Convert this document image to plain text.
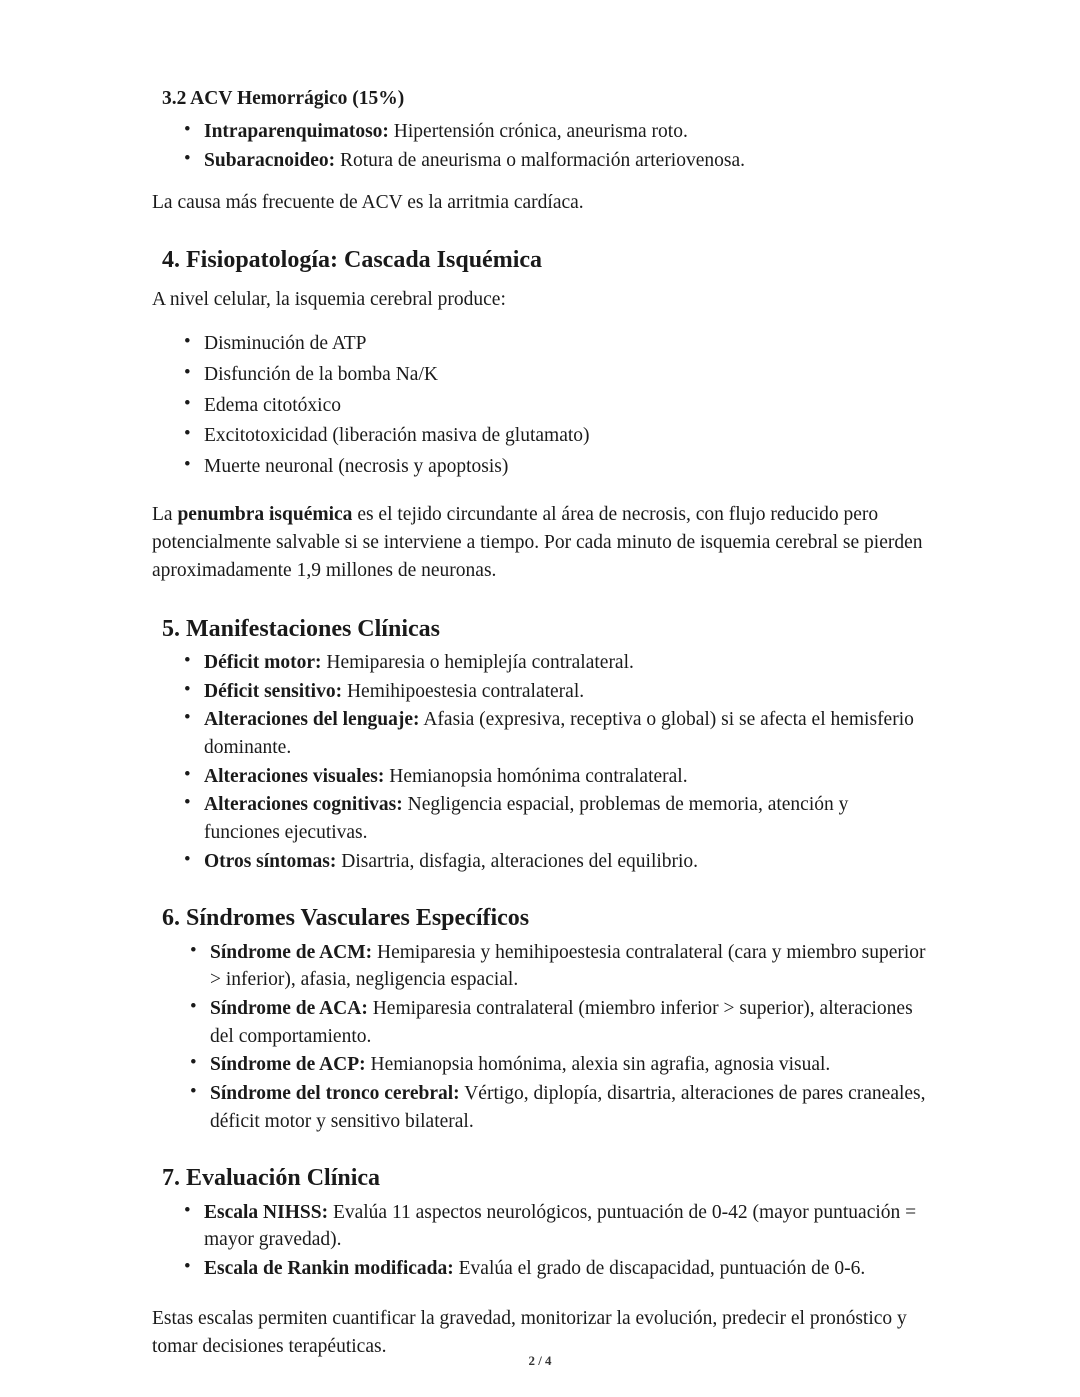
3.2 ACV Hemorrágico (15%)
• Intraparenquimatoso: Hipertensión crónica, aneurisma roto.
• Subaracnoideo: Rotura de aneurisma o malformación arteriovenosa.

La causa más frecuente de ACV es la arritmia cardíaca.

4. Fisiopatología: Cascada Isquémica

A nivel celular, la isquemia cerebral produce:

• Disminución de ATP
• Disfunción de la bomba Na/K
• Edema citotóxico
• Excitotoxicidad (liberación masiva de glutamato)
• Muerte neuronal (necrosis y apoptosis)

La penumbra isquémica es el tejido circundante al área de necrosis, con flujo reducido pero potencialmente salvable si se interviene a tiempo. Por cada minuto de isquemia cerebral se pierden aproximadamente 1,9 millones de neuronas.

5. Manifestaciones Clínicas
• Déficit motor: Hemiparesia o hemiplejía contralateral.
• Déficit sensitivo: Hemihipoestesia contralateral.
• Alteraciones del lenguaje: Afasia (expresiva, receptiva o global) si se afecta el hemisferio dominante.
• Alteraciones visuales: Hemianopsia homónima contralateral.
• Alteraciones cognitivas: Negligencia espacial, problemas de memoria, atención y funciones ejecutivas.
• Otros síntomas: Disartria, disfagia, alteraciones del equilibrio.
6. Síndromes Vasculares Específicos
• Síndrome de ACM: Hemiparesia y hemihipoestesia contralateral (cara y miembro superior > inferior), afasia, negligencia espacial.
• Síndrome de ACA: Hemiparesia contralateral (miembro inferior > superior), alteraciones del comportamiento.
• Síndrome de ACP: Hemianopsia homónima, alexia sin agrafia, agnosia visual.
• Síndrome del tronco cerebral: Vértigo, diplopía, disartria, alteraciones de pares craneales, déficit motor y sensitivo bilateral.
7. Evaluación Clínica
• Escala NIHSS: Evalúa 11 aspectos neurológicos, puntuación de 0-42 (mayor puntuación = mayor gravedad).
• Escala de Rankin modificada: Evalúa el grado de discapacidad, puntuación de 0-6.

Estas escalas permiten cuantificar la gravedad, monitorizar la evolución, predecir el pronóstico y tomar decisiones terapéuticas.

2 / 4
